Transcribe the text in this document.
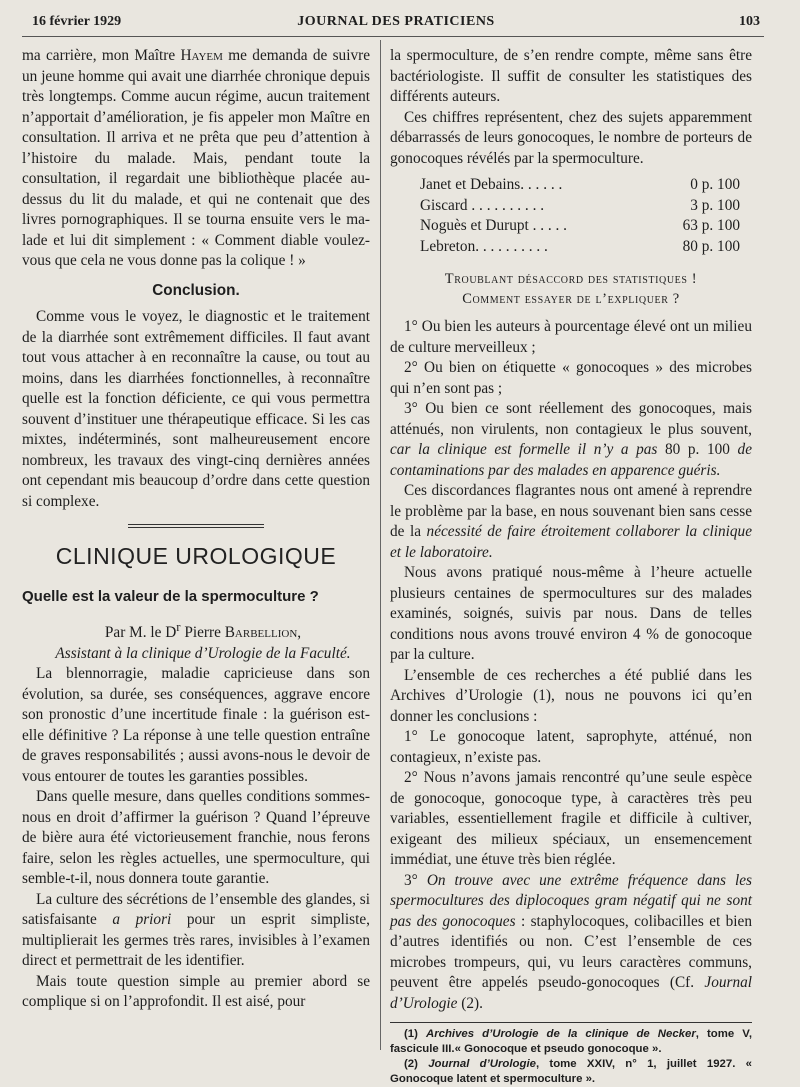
16 février 1929	JOURNAL DES PRATICIENS	103

ma carrière, mon Maître Hayem me demanda de suivre un jeune homme qui avait une diarrhée chronique depuis très longtemps. Comme aucun régime, aucun traitement n’apportait d’amélioration, je fis appeler mon Maître en consultation. Il arriva et ne prêta que peu d’attention à l’histoire du malade. Mais, pendant toute la consultation, il regardait une bibliothèque placée au-dessus du lit du malade, et qui ne contenait que des livres pornographiques. Il se tourna ensuite vers le malade et lui dit simplement : « Comment diable voulez-vous que cela ne vous donne pas la colique ! »

Conclusion.

Comme vous le voyez, le diagnostic et le traitement de la diarrhée sont extrêmement difficiles. Il faut avant tout vous attacher à en reconnaître la cause, ou tout au moins, dans les diarrhées fonctionnelles, à reconnaître quelle est la fonction déficiente, ce qui vous permettra souvent d’instituer une thérapeutique efficace. Si les cas mixtes, indéterminés, sont malheureusement encore nombreux, les travaux des vingt-cinq dernières années ont cependant mis beaucoup d’ordre dans cette question si complexe.

CLINIQUE UROLOGIQUE
Quelle est la valeur de la spermoculture ?

Par M. le $D^r$ Pierre Barbellion,

Assistant à la clinique d’Urologie de la Faculté.

La blennorragie, maladie capricieuse dans son évolution, sa durée, ses conséquences, aggrave encore son pronostic d’une incertitude finale : la guérison est-elle définitive ? La réponse à une telle question entraîne de graves responsabilités ; aussi avons-nous le devoir de vous entourer de toutes les garanties possibles.

Dans quelle mesure, dans quelles conditions sommes-nous en droit d’affirmer la guérison ? Quand l’épreuve de bière aura été victorieusement franchie, nous ferons faire, selon les règles actuelles, une spermoculture, qui semble-t-il, nous donnera toute garantie.

La culture des sécrétions de l’ensemble des glandes, si satisfaisante a priori pour un esprit simpliste, multiplierait les germes très rares, invisibles à l’examen direct et permettrait de les identifier.

Mais toute question simple au premier abord se complique si on l’approfondit. Il est aisé, pour

la spermoculture, de s’en rendre compte, même sans être bactériologiste. Il suffit de consulter les statistiques des différents auteurs.

Ces chiffres représentent, chez des sujets apparemment débarrassés de leurs gonocoques, le nombre de porteurs de gonocoques révélés par la spermoculture.

Janet et Debains. . . . . .	0 p. 100
Giscard . . . . . . . . . .	3 p. 100
Noguès et Durupt . . . . .	63 p. 100
Lebreton. . . . . . . . . .	80 p. 100
Troublant désaccord des statistiques !
Comment essayer de l’expliquer ?

1° Ou bien les auteurs à pourcentage élevé ont un milieu de culture merveilleux ;

2° Ou bien on étiquette « gonocoques » des microbes qui n’en sont pas ;

3° Ou bien ce sont réellement des gonocoques, mais atténués, non virulents, non contagieux le plus souvent, car la clinique est formelle il n’y a pas 80 p. 100 de contaminations par des malades en apparence guéris.

Ces discordances flagrantes nous ont amené à reprendre le problème par la base, en nous souvenant bien sans cesse de la nécessité de faire étroitement collaborer la clinique et le laboratoire.

Nous avons pratiqué nous-même à l’heure actuelle plusieurs centaines de spermocultures sur des malades examinés, soignés, suivis par nous. Dans de telles conditions nous avons trouvé environ 4 % de gonocoque par la culture.

L’ensemble de ces recherches a été publié dans les Archives d’Urologie (1), nous ne pouvons ici qu’en donner les conclusions :

1° Le gonocoque latent, saprophyte, atténué, non contagieux, n’existe pas.

2° Nous n’avons jamais rencontré qu’une seule espèce de gonocoque, gonocoque type, à caractères très peu variables, essentiellement fragile et difficile à cultiver, exigeant des milieux spéciaux, un ensemencement immédiat, une étuve très bien réglée.

3° On trouve avec une extrême fréquence dans les spermocultures des diplocoques gram négatif qui ne sont pas des gonocoques : staphylocoques, colibacilles et bien d’autres identifiés ou non. C’est l’ensemble de ces microbes trompeurs, qui, vu leurs caractères communs, peuvent être appelés pseudo-gonocoques (Cf. Journal d’Urologie (2).

(1) Archives d’Urologie de la clinique de Necker, tome V, fascicule III.« Gonocoque et pseudo gonocoque ».

(2) Journal d’Urologie, tome XXIV, n° 1, juillet 1927. « Gonocoque latent et spermoculture ».
